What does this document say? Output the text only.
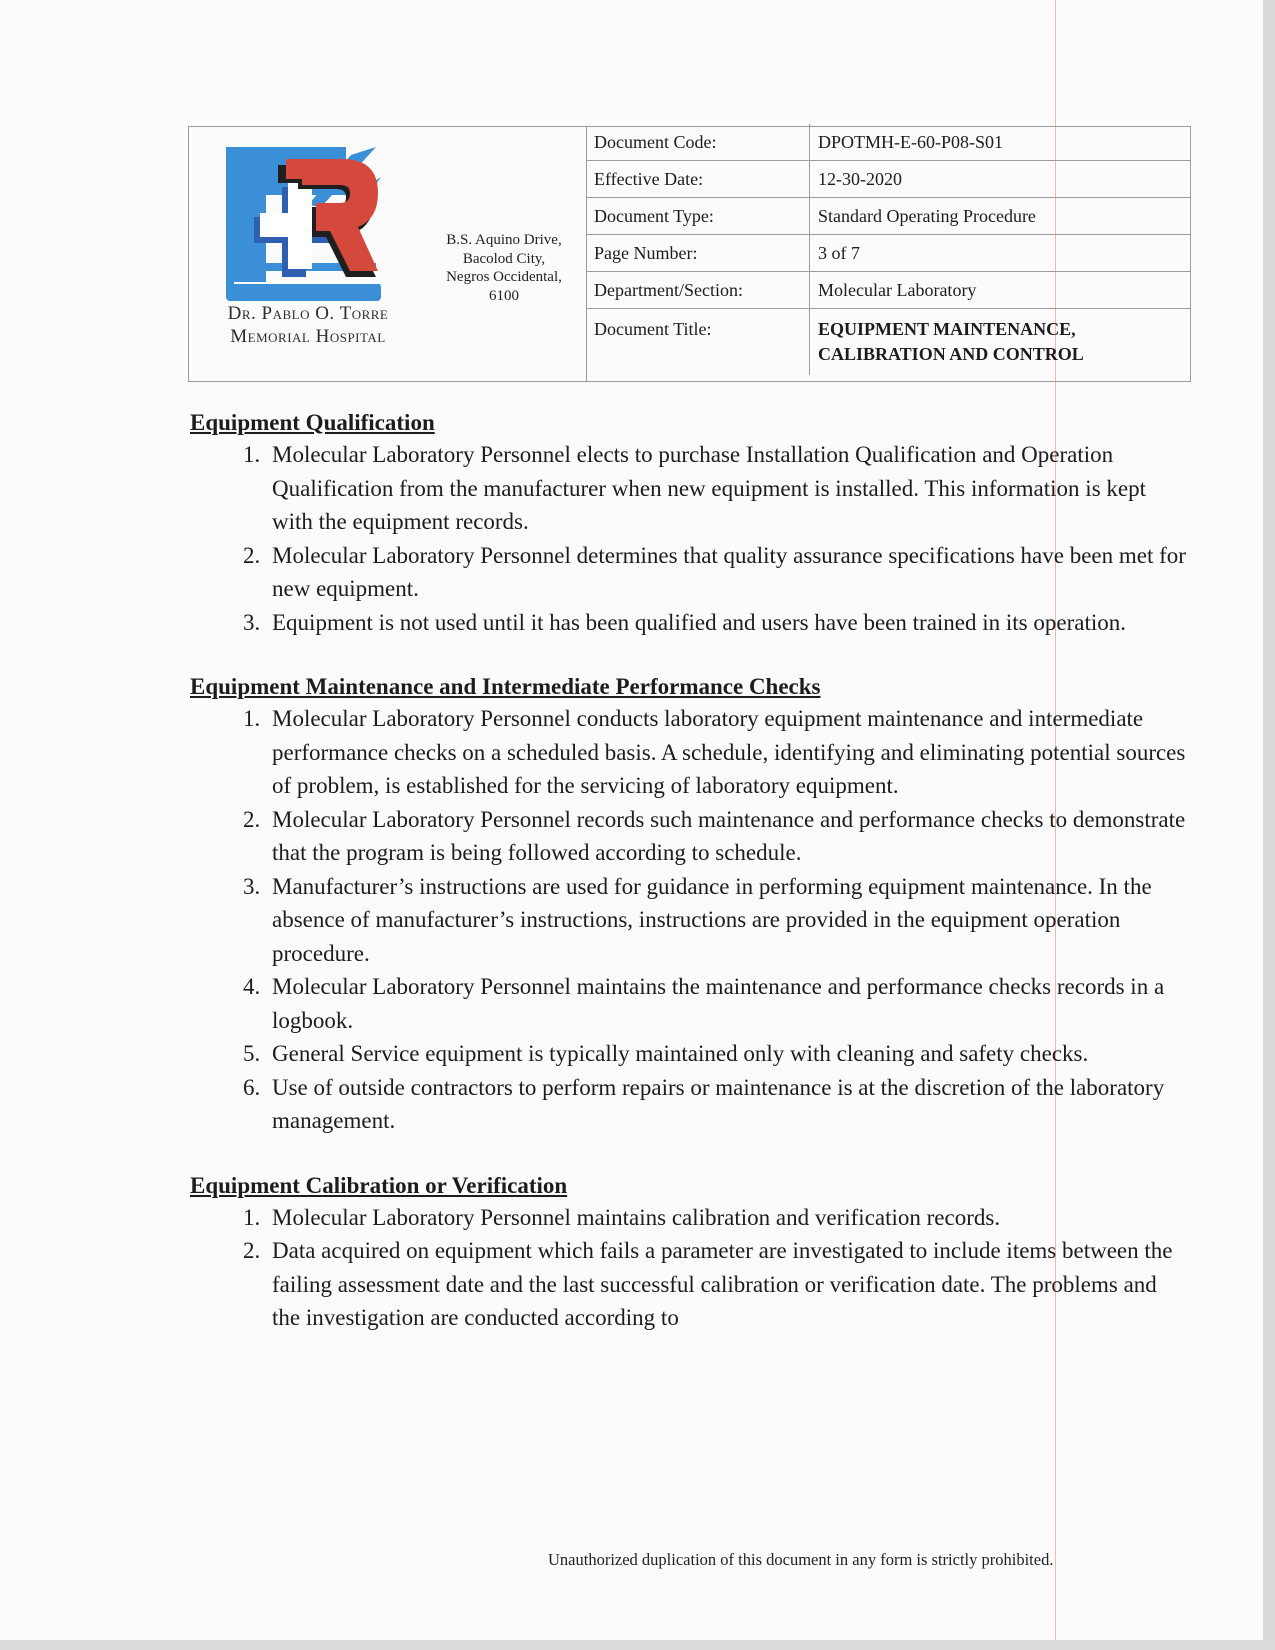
Dr. Pablo O. Torre
Memorial Hospital
B.S. Aquino Drive,
Bacolod City,
Negros Occidental,
6100
Document Code:	DPOTMH-E-60-P08-S01
Effective Date:	12-30-2020
Document Type:	Standard Operating Procedure
Page Number:	3 of 7
Department/Section:	Molecular Laboratory
Document Title:	EQUIPMENT MAINTENANCE,
CALIBRATION AND CONTROL
Equipment Qualification
1. Molecular Laboratory Personnel elects to purchase Installation Qualification and Operation Qualification from the manufacturer when new equipment is installed. This information is kept with the equipment records.
2. Molecular Laboratory Personnel determines that quality assurance specifications have been met for new equipment.
3. Equipment is not used until it has been qualified and users have been trained in its operation.
Equipment Maintenance and Intermediate Performance Checks
1. Molecular Laboratory Personnel conducts laboratory equipment maintenance and intermediate performance checks on a scheduled basis. A schedule, identifying and eliminating potential sources of problem, is established for the servicing of laboratory equipment.
2. Molecular Laboratory Personnel records such maintenance and performance checks to demonstrate that the program is being followed according to schedule.
3. Manufacturer’s instructions are used for guidance in performing equipment maintenance. In the absence of manufacturer’s instructions, instructions are provided in the equipment operation procedure.
4. Molecular Laboratory Personnel maintains the maintenance and performance checks records in a logbook.
5. General Service equipment is typically maintained only with cleaning and safety checks.
6. Use of outside contractors to perform repairs or maintenance is at the discretion of the laboratory management.
Equipment Calibration or Verification
1. Molecular Laboratory Personnel maintains calibration and verification records.
2. Data acquired on equipment which fails a parameter are investigated to include items between the failing assessment date and the last successful calibration or verification date. The problems and the investigation are conducted according to
Unauthorized duplication of this document in any form is strictly prohibited.
